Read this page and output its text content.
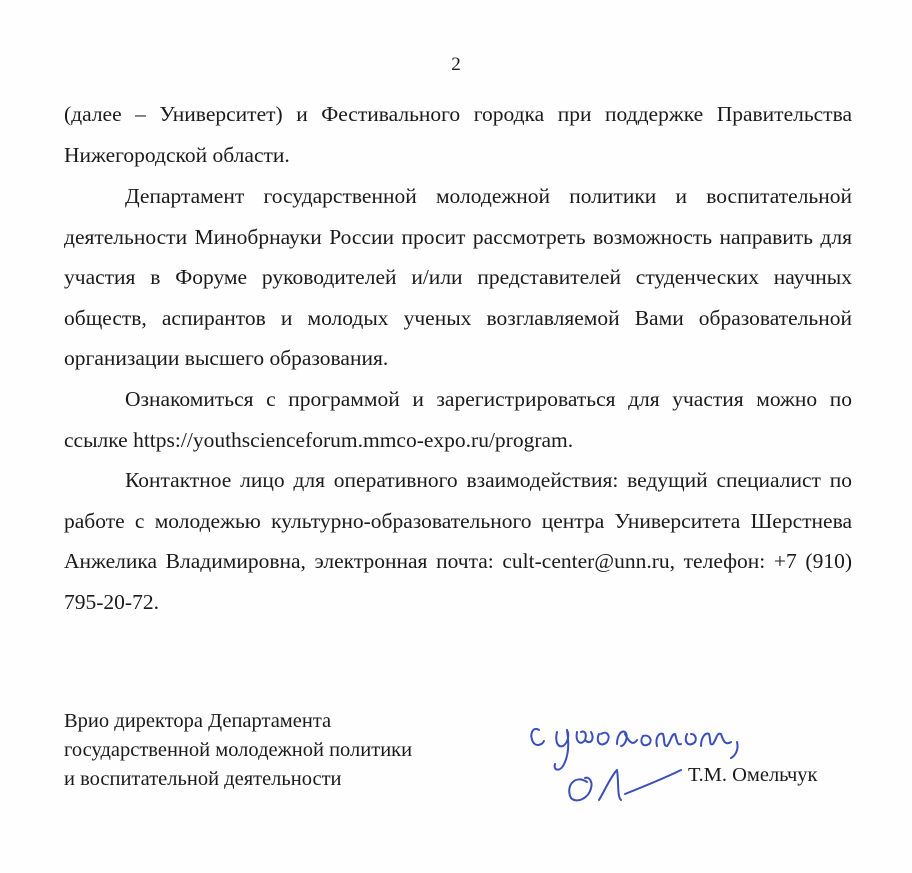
2

(далее – Университет) и Фестивального городка при поддержке Правительства Нижегородской области.

Департамент государственной молодежной политики и воспитательной деятельности Минобрнауки России просит рассмотреть возможность направить для участия в Форуме руководителей и/или представителей студенческих научных обществ, аспирантов и молодых ученых возглавляемой Вами образовательной организации высшего образования.

Ознакомиться с программой и зарегистрироваться для участия можно по ссылке https://youthscienceforum.mmco-expo.ru/program.

Контактное лицо для оперативного взаимодействия: ведущий специалист по работе с молодежью культурно-образовательного центра Университета Шерстнева Анжелика Владимировна, электронная почта: cult-center@unn.ru, телефон: +7 (910) 795-20-72.

Врио директора Департамента
государственной молодежной политики
и воспитательной деятельности	Т.М. Омельчук
